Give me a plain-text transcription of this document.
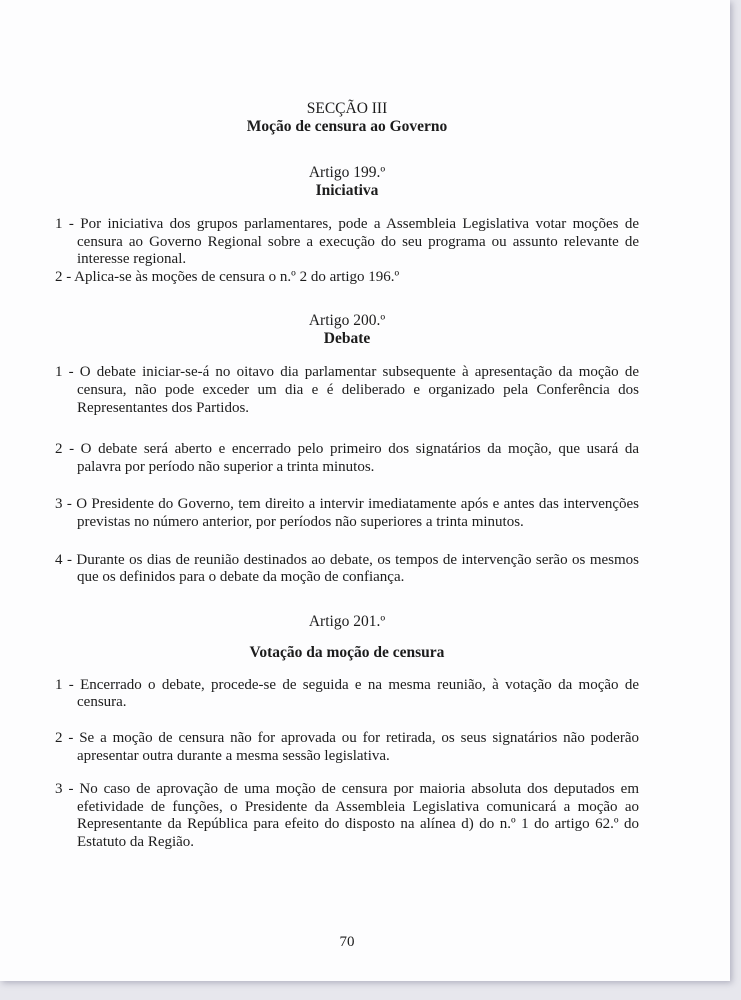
SECÇÃO III
Moção de censura ao Governo
Artigo 199.º
Iniciativa

1 - Por iniciativa dos grupos parlamentares, pode a Assembleia Legislativa votar moções de censura ao Governo Regional sobre a execução do seu programa ou assunto relevante de interesse regional.

2 - Aplica-se às moções de censura o n.º 2 do artigo 196.º

Artigo 200.º
Debate

1 - O debate iniciar-se-á no oitavo dia parlamentar subsequente à apresentação da moção de censura, não pode exceder um dia e é deliberado e organizado pela Conferência dos Representantes dos Partidos.

2 - O debate será aberto e encerrado pelo primeiro dos signatários da moção, que usará da palavra por período não superior a trinta minutos.

3 - O Presidente do Governo, tem direito a intervir imediatamente após e antes das intervenções previstas no número anterior, por períodos não superiores a trinta minutos.

4 - Durante os dias de reunião destinados ao debate, os tempos de intervenção serão os mesmos que os definidos para o debate da moção de confiança.

Artigo 201.º
Votação da moção de censura

1 - Encerrado o debate, procede-se de seguida e na mesma reunião, à votação da moção de censura.

2 - Se a moção de censura não for aprovada ou for retirada, os seus signatários não poderão apresentar outra durante a mesma sessão legislativa.

3 - No caso de aprovação de uma moção de censura por maioria absoluta dos deputados em efetividade de funções, o Presidente da Assembleia Legislativa comunicará a moção ao Representante da República para efeito do disposto na alínea d) do n.º 1 do artigo 62.º do Estatuto da Região.

70
